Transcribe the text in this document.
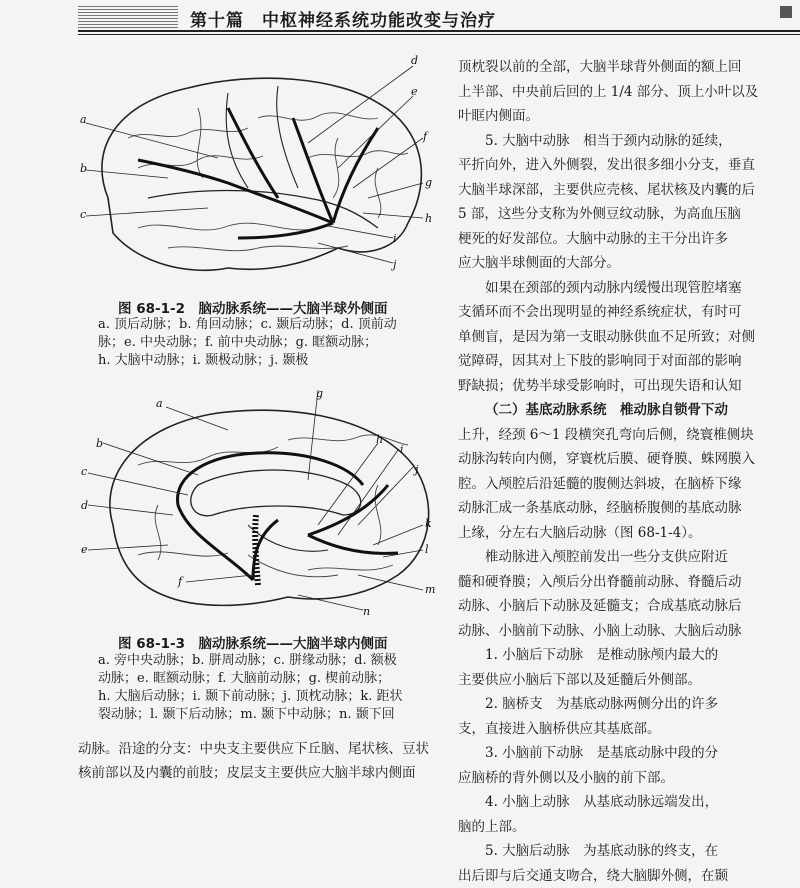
第十篇　中枢神经系统功能改变与治疗
a
b
c
d
e
f
g
h
i
j
图 68-1-2　脑动脉系统——大脑半球外侧面

a. 顶后动脉；b. 角回动脉；c. 颞后动脉；d. 顶前动

脉；e. 中央动脉；f. 前中央动脉；g. 眶额动脉；

h. 大脑中动脉；i. 颞极动脉；j. 颞极

a
b
c
d
e
f
g
h
i
j
k
l
m
n
图 68-1-3　脑动脉系统——大脑半球内侧面

a. 旁中央动脉；b. 胼周动脉；c. 胼缘动脉；d. 额极

动脉；e. 眶额动脉；f. 大脑前动脉；g. 楔前动脉；

h. 大脑后动脉；i. 颞下前动脉；j. 顶枕动脉；k. 距状

裂动脉；l. 颞下后动脉；m. 颞下中动脉；n. 颞下回

动脉。沿途的分支：中央支主要供应下丘脑、尾状核、豆状

核前部以及内囊的前肢；皮层支主要供应大脑半球内侧面

顶枕裂以前的全部，大脑半球背外侧面的额上回

上半部、中央前后回的上 1/4 部分、顶上小叶以及

叶眶内侧面。

5. 大脑中动脉　相当于颈内动脉的延续，

平折向外，进入外侧裂，发出很多细小分支，垂直

大脑半球深部，主要供应壳核、尾状核及内囊的后

5 部，这些分支称为外侧豆纹动脉，为高血压脑

梗死的好发部位。大脑中动脉的主干分出许多

应大脑半球侧面的大部分。

如果在颈部的颈内动脉内缓慢出现管腔堵塞

支循环而不会出现明显的神经系统症状，有时可

单侧盲，是因为第一支眼动脉供血不足所致；对侧

觉障碍，因其对上下肢的影响同于对面部的影响

野缺损；优势半球受影响时，可出现失语和认知

（二）基底动脉系统　椎动脉自锁骨下动

上升，经颈 6～1 段横突孔弯向后侧，绕寰椎侧块

动脉沟转向内侧，穿寰枕后膜、硬脊膜、蛛网膜入

腔。入颅腔后沿延髓的腹侧达斜坡，在脑桥下缘

动脉汇成一条基底动脉，经脑桥腹侧的基底动脉

上缘，分左右大脑后动脉（图 68-1-4）。

椎动脉进入颅腔前发出一些分支供应附近

髓和硬脊膜；入颅后分出脊髓前动脉、脊髓后动

动脉、小脑后下动脉及延髓支；合成基底动脉后

动脉、小脑前下动脉、小脑上动脉、大脑后动脉

1. 小脑后下动脉　是椎动脉颅内最大的

主要供应小脑后下部以及延髓后外侧部。

2. 脑桥支　为基底动脉两侧分出的许多

支，直接进入脑桥供应其基底部。

3. 小脑前下动脉　是基底动脉中段的分

应脑桥的背外侧以及小脑的前下部。

4. 小脑上动脉　从基底动脉远端发出，

脑的上部。

5. 大脑后动脉　为基底动脉的终支，在

出后即与后交通支吻合，绕大脑脚外侧，在颞
